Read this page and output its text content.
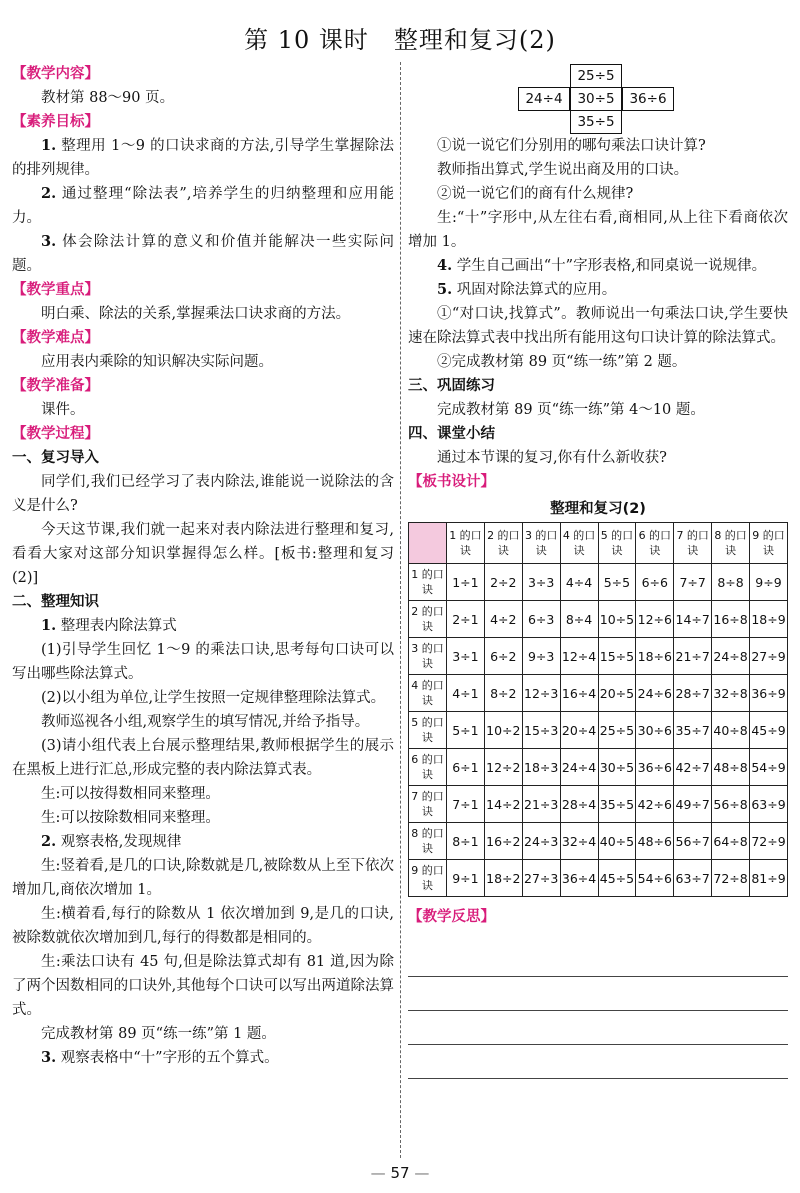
第 10 课时　整理和复习(2)
【教学内容】

教材第 88～90 页。

【素养目标】

1. 整理用 1～9 的口诀求商的方法,引导学生掌握除法的排列规律。

2. 通过整理“除法表”,培养学生的归纳整理和应用能力。

3. 体会除法计算的意义和价值并能解决一些实际问题。

【教学重点】

明白乘、除法的关系,掌握乘法口诀求商的方法。

【教学难点】

应用表内乘除的知识解决实际问题。

【教学准备】

课件。

【教学过程】
一、复习导入

同学们,我们已经学习了表内除法,谁能说一说除法的含义是什么?

今天这节课,我们就一起来对表内除法进行整理和复习,看看大家对这部分知识掌握得怎么样。[板书:整理和复习(2)]

二、整理知识

1. 整理表内除法算式

(1)引导学生回忆 1～9 的乘法口诀,思考每句口诀可以写出哪些除法算式。

(2)以小组为单位,让学生按照一定规律整理除法算式。

教师巡视各小组,观察学生的填写情况,并给予指导。

(3)请小组代表上台展示整理结果,教师根据学生的展示在黑板上进行汇总,形成完整的表内除法算式表。

生:可以按得数相同来整理。

生:可以按除数相同来整理。

2. 观察表格,发现规律

生:竖着看,是几的口诀,除数就是几,被除数从上至下依次增加几,商依次增加 1。

生:横着看,每行的除数从 1 依次增加到 9,是几的口诀,被除数就依次增加到几,每行的得数都是相同的。

生:乘法口诀有 45 句,但是除法算式却有 81 道,因为除了两个因数相同的口诀外,其他每个口诀可以写出两道除法算式。

完成教材第 89 页“练一练”第 1 题。

3. 观察表格中“十”字形的五个算式。

25÷5
24÷4	30÷5	36÷6
35÷5

①说一说它们分别用的哪句乘法口诀计算?

教师指出算式,学生说出商及用的口诀。

②说一说它们的商有什么规律?

生:“十”字形中,从左往右看,商相同,从上往下看商依次增加 1。

4. 学生自己画出“十”字形表格,和同桌说一说规律。

5. 巩固对除法算式的应用。

①“对口诀,找算式”。教师说出一句乘法口诀,学生要快速在除法算式表中找出所有能用这句口诀计算的除法算式。

②完成教材第 89 页“练一练”第 2 题。

三、巩固练习

完成教材第 89 页“练一练”第 4～10 题。

四、课堂小结

通过本节课的复习,你有什么新收获?

【板书设计】
整理和复习(2)
	1 的口诀	2 的口诀	3 的口诀	4 的口诀	5 的口诀	6 的口诀	7 的口诀	8 的口诀	9 的口诀
1 的口诀	1÷1	2÷2	3÷3	4÷4	5÷5	6÷6	7÷7	8÷8	9÷9
2 的口诀	2÷1	4÷2	6÷3	8÷4	10÷5	12÷6	14÷7	16÷8	18÷9
3 的口诀	3÷1	6÷2	9÷3	12÷4	15÷5	18÷6	21÷7	24÷8	27÷9
4 的口诀	4÷1	8÷2	12÷3	16÷4	20÷5	24÷6	28÷7	32÷8	36÷9
5 的口诀	5÷1	10÷2	15÷3	20÷4	25÷5	30÷6	35÷7	40÷8	45÷9
6 的口诀	6÷1	12÷2	18÷3	24÷4	30÷5	36÷6	42÷7	48÷8	54÷9
7 的口诀	7÷1	14÷2	21÷3	28÷4	35÷5	42÷6	49÷7	56÷8	63÷9
8 的口诀	8÷1	16÷2	24÷3	32÷4	40÷5	48÷6	56÷7	64÷8	72÷9
9 的口诀	9÷1	18÷2	27÷3	36÷4	45÷5	54÷6	63÷7	72÷8	81÷9
【教学反思】
— 57 —
